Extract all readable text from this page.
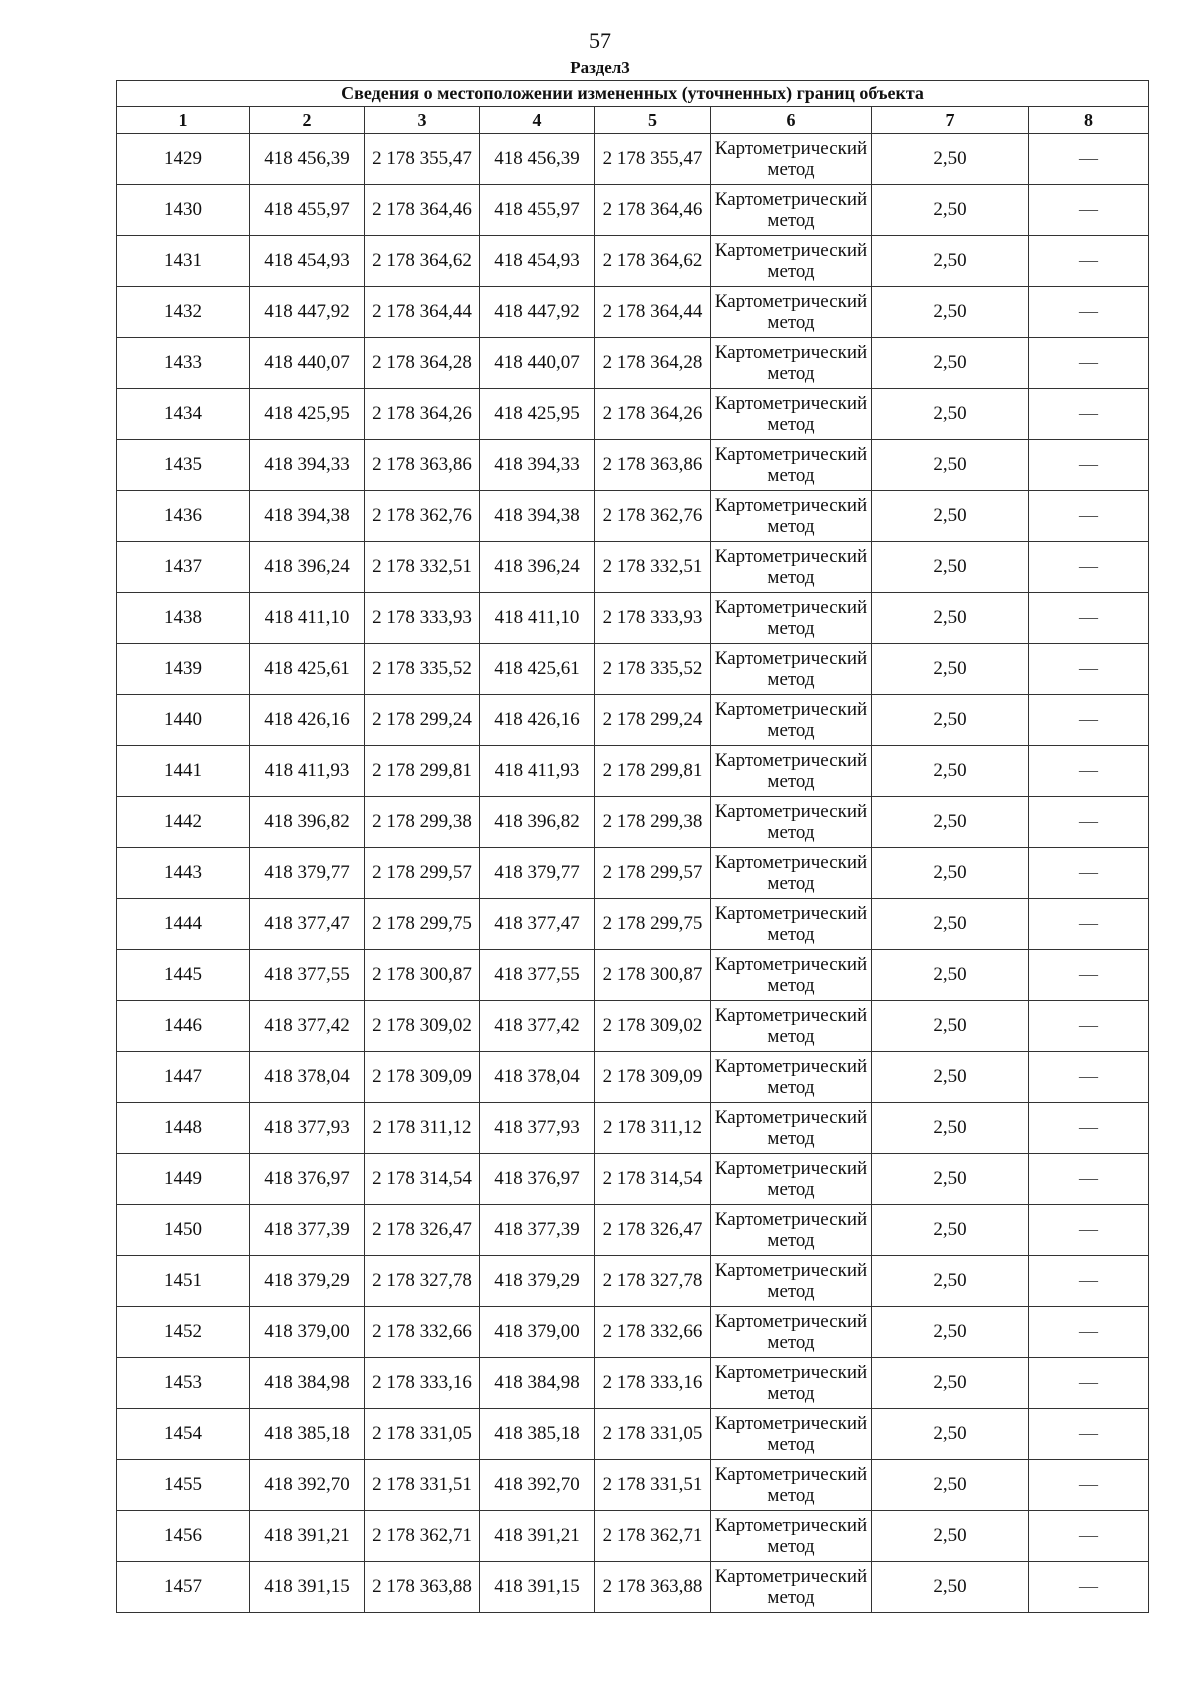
57
Раздел3
Сведения о местоположении измененных (уточненных) границ объекта							
1	2	3	4	5	6	7	8
1429	418 456,39	2 178 355,47	418 456,39	2 178 355,47	Картометрический метод	2,50	—
1430	418 455,97	2 178 364,46	418 455,97	2 178 364,46	Картометрический метод	2,50	—
1431	418 454,93	2 178 364,62	418 454,93	2 178 364,62	Картометрический метод	2,50	—
1432	418 447,92	2 178 364,44	418 447,92	2 178 364,44	Картометрический метод	2,50	—
1433	418 440,07	2 178 364,28	418 440,07	2 178 364,28	Картометрический метод	2,50	—
1434	418 425,95	2 178 364,26	418 425,95	2 178 364,26	Картометрический метод	2,50	—
1435	418 394,33	2 178 363,86	418 394,33	2 178 363,86	Картометрический метод	2,50	—
1436	418 394,38	2 178 362,76	418 394,38	2 178 362,76	Картометрический метод	2,50	—
1437	418 396,24	2 178 332,51	418 396,24	2 178 332,51	Картометрический метод	2,50	—
1438	418 411,10	2 178 333,93	418 411,10	2 178 333,93	Картометрический метод	2,50	—
1439	418 425,61	2 178 335,52	418 425,61	2 178 335,52	Картометрический метод	2,50	—
1440	418 426,16	2 178 299,24	418 426,16	2 178 299,24	Картометрический метод	2,50	—
1441	418 411,93	2 178 299,81	418 411,93	2 178 299,81	Картометрический метод	2,50	—
1442	418 396,82	2 178 299,38	418 396,82	2 178 299,38	Картометрический метод	2,50	—
1443	418 379,77	2 178 299,57	418 379,77	2 178 299,57	Картометрический метод	2,50	—
1444	418 377,47	2 178 299,75	418 377,47	2 178 299,75	Картометрический метод	2,50	—
1445	418 377,55	2 178 300,87	418 377,55	2 178 300,87	Картометрический метод	2,50	—
1446	418 377,42	2 178 309,02	418 377,42	2 178 309,02	Картометрический метод	2,50	—
1447	418 378,04	2 178 309,09	418 378,04	2 178 309,09	Картометрический метод	2,50	—
1448	418 377,93	2 178 311,12	418 377,93	2 178 311,12	Картометрический метод	2,50	—
1449	418 376,97	2 178 314,54	418 376,97	2 178 314,54	Картометрический метод	2,50	—
1450	418 377,39	2 178 326,47	418 377,39	2 178 326,47	Картометрический метод	2,50	—
1451	418 379,29	2 178 327,78	418 379,29	2 178 327,78	Картометрический метод	2,50	—
1452	418 379,00	2 178 332,66	418 379,00	2 178 332,66	Картометрический метод	2,50	—
1453	418 384,98	2 178 333,16	418 384,98	2 178 333,16	Картометрический метод	2,50	—
1454	418 385,18	2 178 331,05	418 385,18	2 178 331,05	Картометрический метод	2,50	—
1455	418 392,70	2 178 331,51	418 392,70	2 178 331,51	Картометрический метод	2,50	—
1456	418 391,21	2 178 362,71	418 391,21	2 178 362,71	Картометрический метод	2,50	—
1457	418 391,15	2 178 363,88	418 391,15	2 178 363,88	Картометрический метод	2,50	—
